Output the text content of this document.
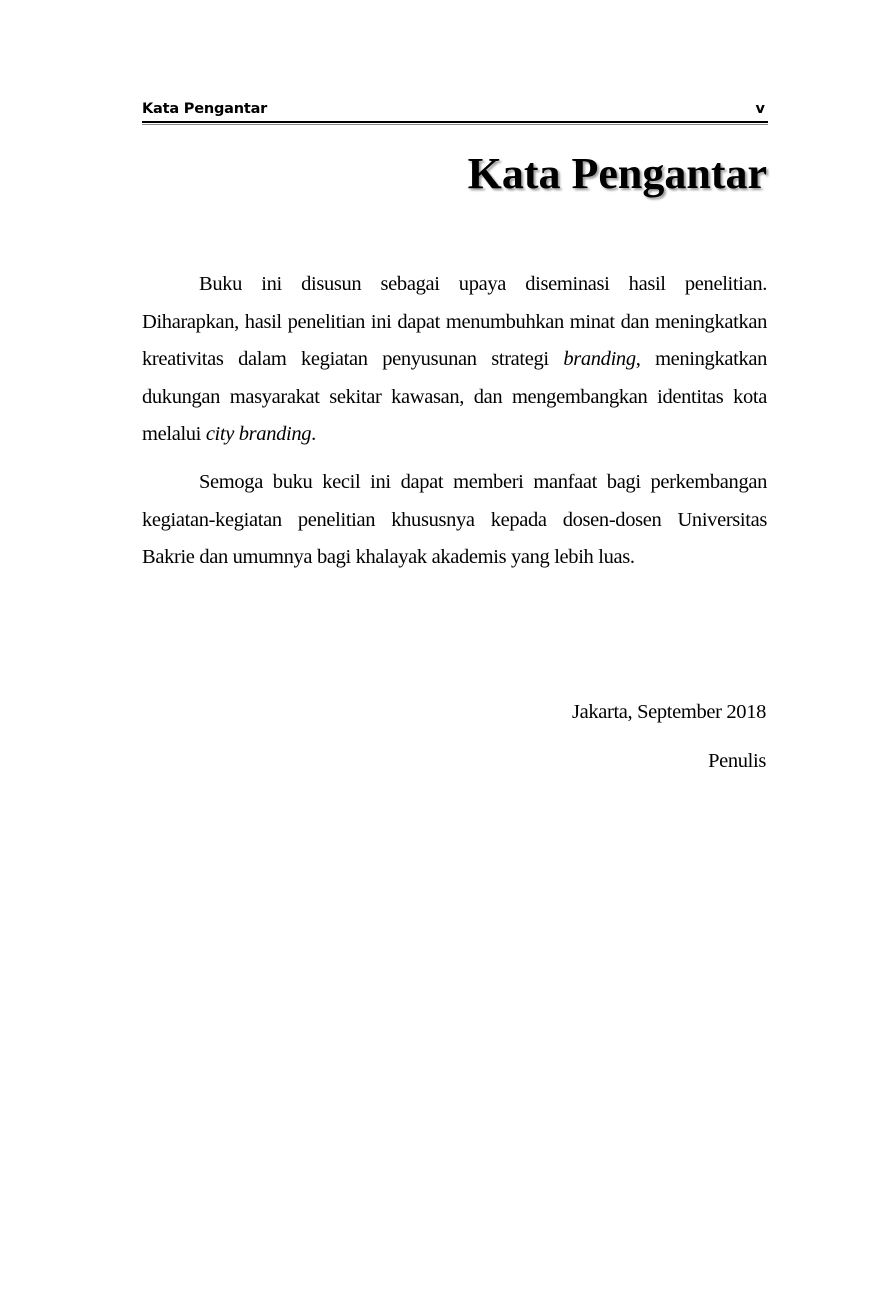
Kata Pengantar	v
Kata Pengantar

Buku ini disusun sebagai upaya diseminasi hasil penelitian. Diharapkan, hasil penelitian ini dapat menumbuhkan minat dan meningkatkan kreativitas dalam kegiatan penyusunan strategi branding, meningkatkan dukungan masyarakat sekitar kawasan, dan mengembangkan identitas kota melalui city branding.

Semoga buku kecil ini dapat memberi manfaat bagi perkembangan kegiatan-kegiatan penelitian khususnya kepada dosen-dosen Universitas Bakrie dan umumnya bagi khalayak akademis yang lebih luas.

Jakarta, September 2018
Penulis
